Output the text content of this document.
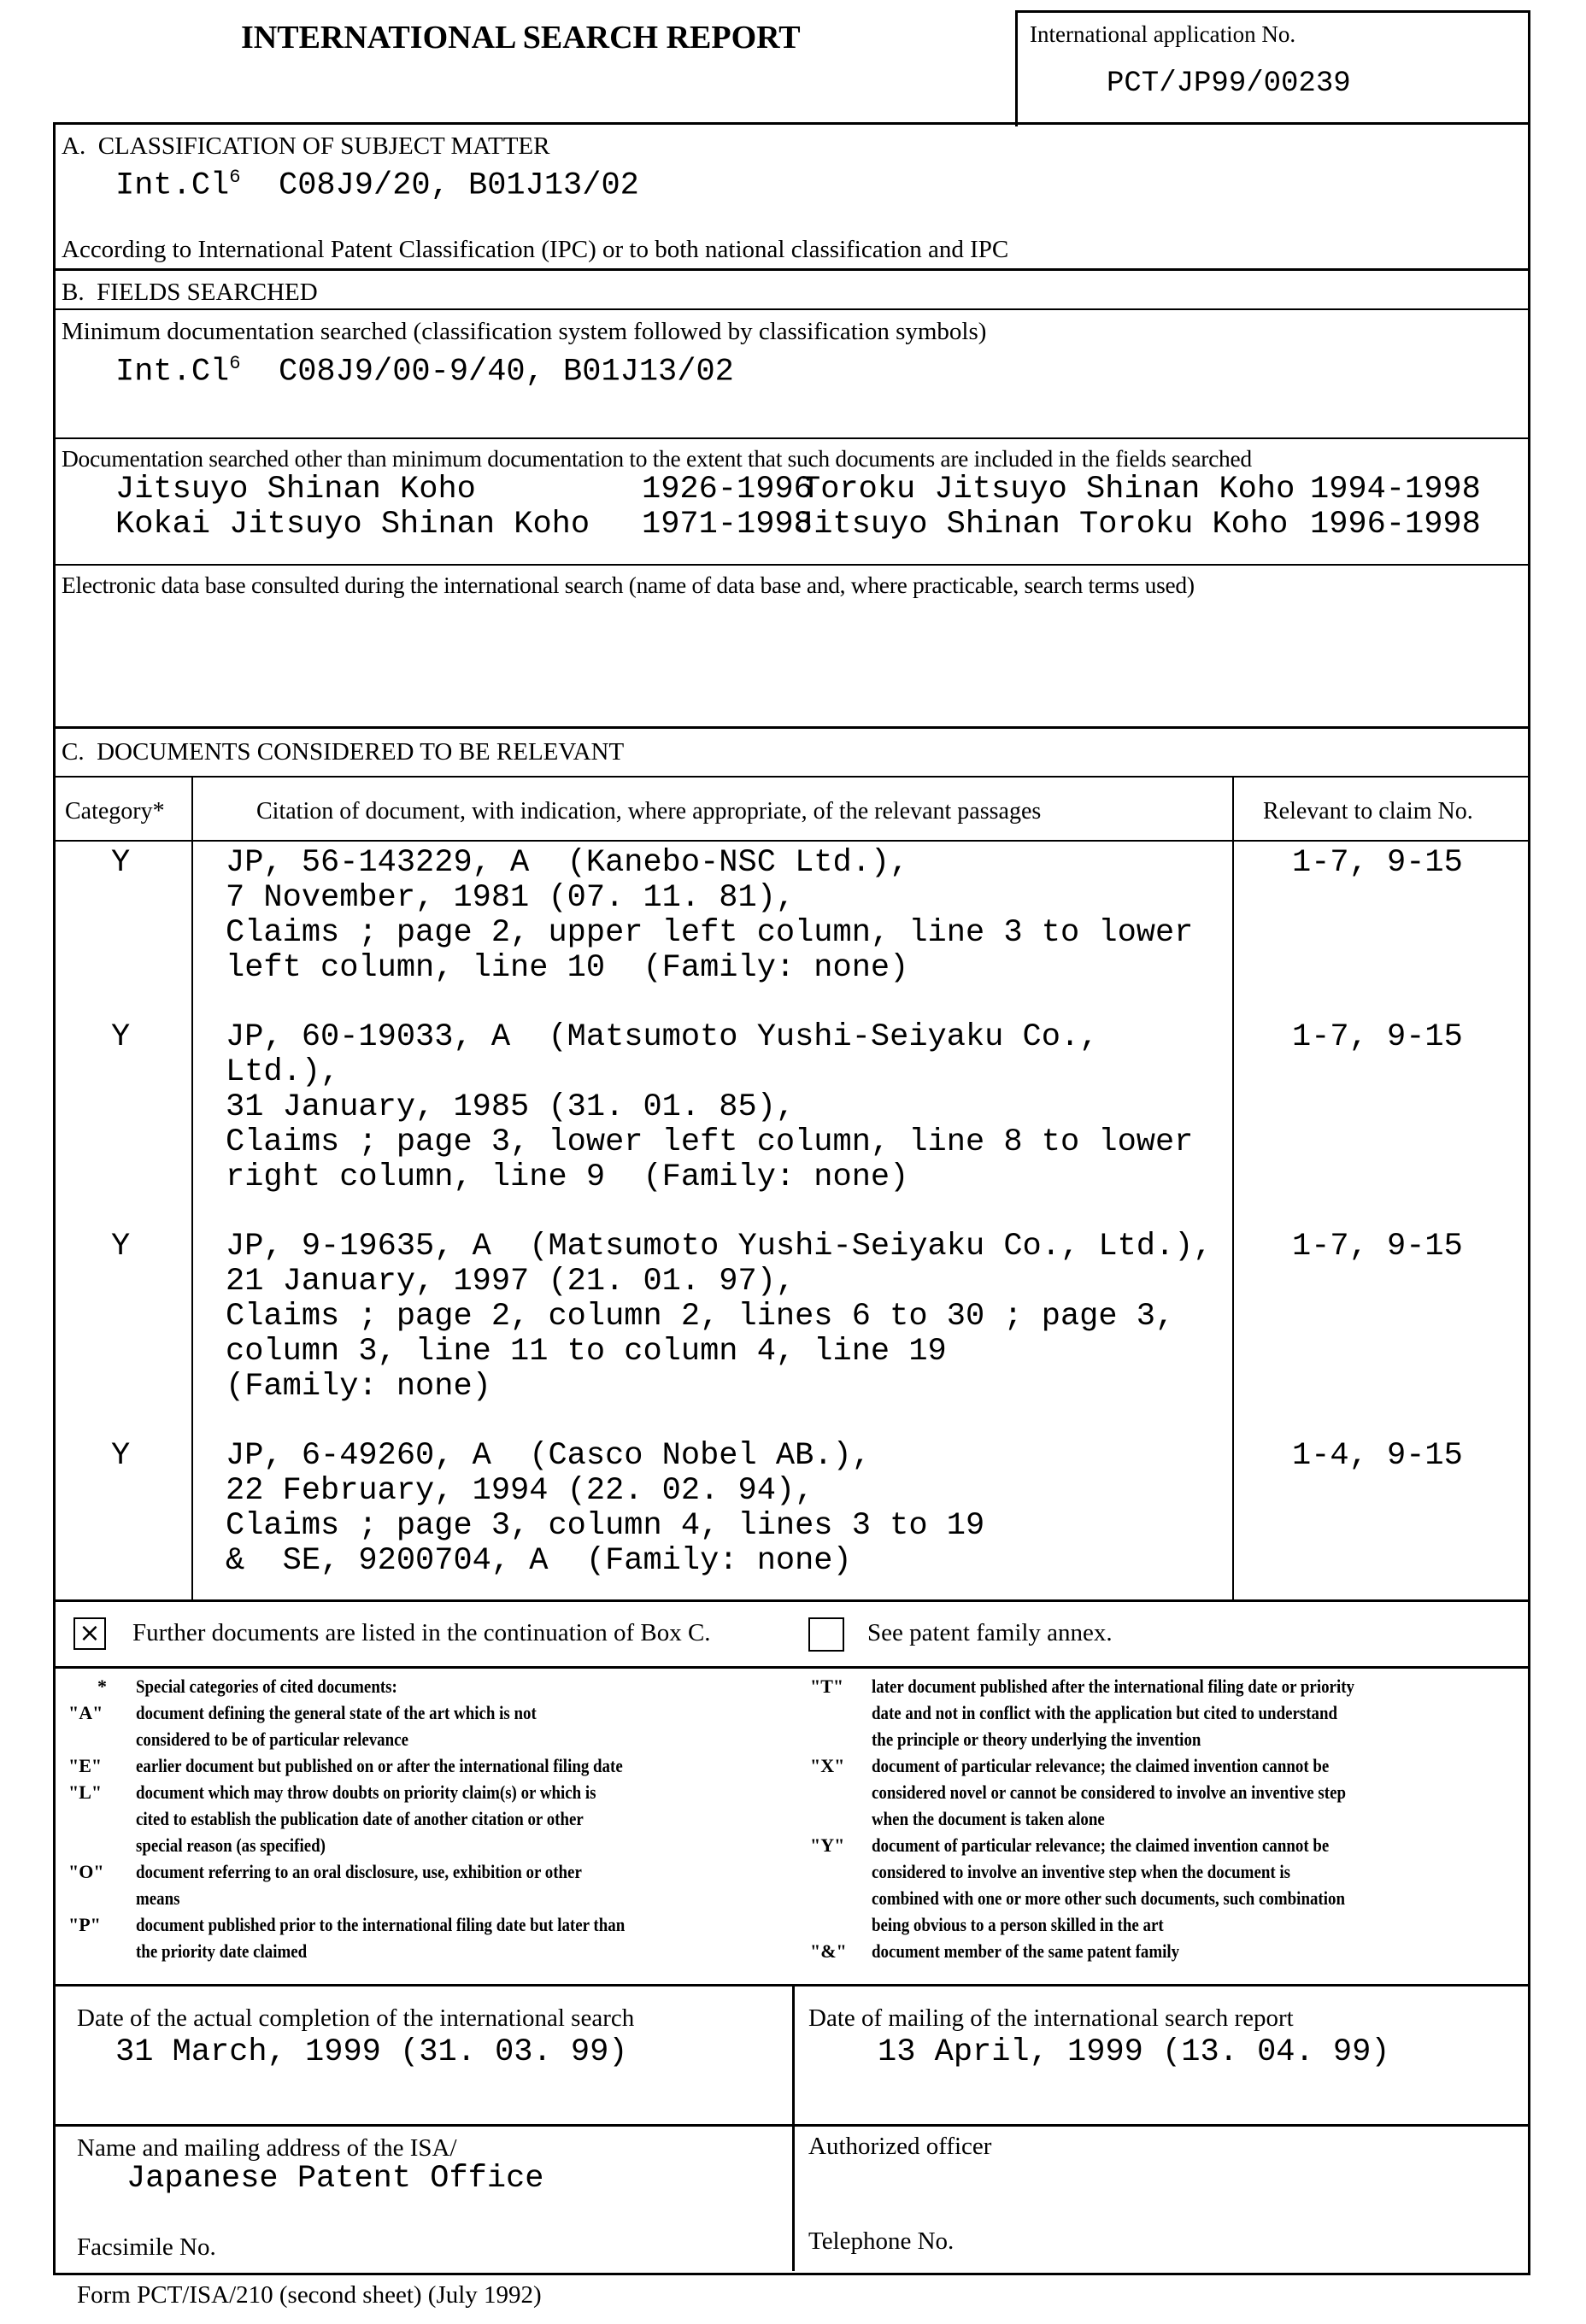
INTERNATIONAL SEARCH REPORT	International application No.
PCT/JP99/00239
A.  CLASSIFICATION OF SUBJECT MATTER
Int.Cl6 C08J9/20, B01J13/02
According to International Patent Classification (IPC) or to both national classification and IPC
B.  FIELDS SEARCHED
Minimum documentation searched (classification system followed by classification symbols)
Int.Cl6 C08J9/00-9/40, B01J13/02
Documentation searched other than minimum documentation to the extent that such documents are included in the fields searched
Jitsuyo Shinan Koho	1926-1996
Toroku Jitsuyo Shinan Koho 1994-1998
Kokai Jitsuyo Shinan Koho 1971-1998
Jitsuyo Shinan Toroku Koho 1996-1998
Electronic data base consulted during the international search (name of data base and, where practicable, search terms used)
C.  DOCUMENTS CONSIDERED TO BE RELEVANT
Category*	Citation of document, with indication, where appropriate, of the relevant passages	Relevant to claim No.
Y	JP, 56-143229, A  (Kanebo-NSC Ltd.),
7 November, 1981 (07. 11. 81),
Claims ; page 2, upper left column, line 3 to lower
left column, line 10  (Family: none)
1-7, 9-15
Y	JP, 60-19033, A  (Matsumoto Yushi-Seiyaku Co.,
Ltd.),
31 January, 1985 (31. 01. 85),
Claims ; page 3, lower left column, line 8 to lower
right column, line 9  (Family: none)
1-7, 9-15
Y	JP, 9-19635, A  (Matsumoto Yushi-Seiyaku Co., Ltd.),
21 January, 1997 (21. 01. 97),
Claims ; page 2, column 2, lines 6 to 30 ; page 3,
column 3, line 11 to column 4, line 19
(Family: none)
1-7, 9-15
Y	JP, 6-49260, A  (Casco Nobel AB.),
22 February, 1994 (22. 02. 94),
Claims ; page 3, column 4, lines 3 to 19
&  SE, 9200704, A  (Family: none)
1-4, 9-15
× Further documents are listed in the continuation of Box C.	See patent family annex.
*	Special categories of cited documents:
"A"	document defining the general state of the art which is not
considered to be of particular relevance
"E"	earlier document but published on or after the international filing date
"L"	document which may throw doubts on priority claim(s) or which is
cited to establish the publication date of another citation or other
special reason (as specified)
"O"	document referring to an oral disclosure, use, exhibition or other
means
"P"	document published prior to the international filing date but later than
the priority date claimed
"T"	later document published after the international filing date or priority
date and not in conflict with the application but cited to understand
the principle or theory underlying the invention
"X"	document of particular relevance; the claimed invention cannot be
considered novel or cannot be considered to involve an inventive step
when the document is taken alone
"Y"	document of particular relevance; the claimed invention cannot be
considered to involve an inventive step when the document is
combined with one or more other such documents, such combination
being obvious to a person skilled in the art
"&"	document member of the same patent family
Date of the actual completion of the international search
31 March, 1999 (31. 03. 99)
Date of mailing of the international search report
13 April, 1999 (13. 04. 99)
Name and mailing address of the ISA/
Japanese Patent Office
Facsimile No.
Authorized officer
Telephone No.
Form PCT/ISA/210 (second sheet) (July 1992)
